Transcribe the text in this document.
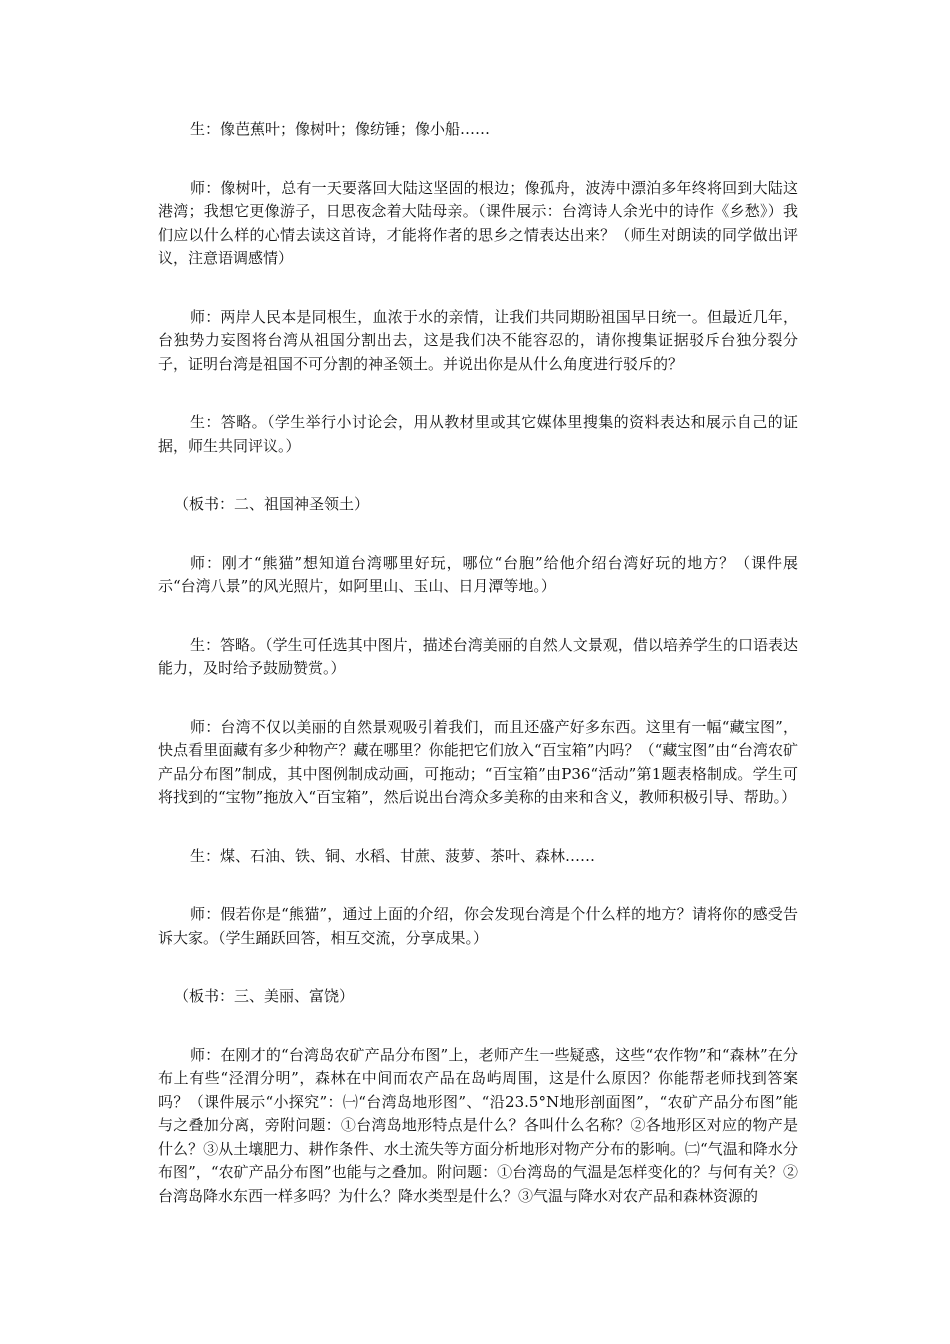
生：像芭蕉叶；像树叶；像纺锤；像小船……

师：像树叶，总有一天要落回大陆这坚固的根边；像孤舟，波涛中漂泊多年终将回到大陆这港湾；我想它更像游子，日思夜念着大陆母亲。（课件展示：台湾诗人余光中的诗作《乡愁》）我们应以什么样的心情去读这首诗，才能将作者的思乡之情表达出来？（师生对朗读的同学做出评议，注意语调感情）

师：两岸人民本是同根生，血浓于水的亲情，让我们共同期盼祖国早日统一。但最近几年，台独势力妄图将台湾从祖国分割出去，这是我们决不能容忍的，请你搜集证据驳斥台独分裂分子，证明台湾是祖国不可分割的神圣领土。并说出你是从什么角度进行驳斥的？

生：答略。（学生举行小讨论会，用从教材里或其它媒体里搜集的资料表达和展示自己的证据，师生共同评议。）

（板书：二、祖国神圣领土）

师：刚才“熊猫”想知道台湾哪里好玩，哪位“台胞”给他介绍台湾好玩的地方？（课件展示“台湾八景”的风光照片，如阿里山、玉山、日月潭等地。）

生：答略。（学生可任选其中图片，描述台湾美丽的自然人文景观，借以培养学生的口语表达能力，及时给予鼓励赞赏。）

师：台湾不仅以美丽的自然景观吸引着我们，而且还盛产好多东西。这里有一幅“藏宝图”，快点看里面藏有多少种物产？藏在哪里？你能把它们放入“百宝箱”内吗？（“藏宝图”由“台湾农矿产品分布图”制成，其中图例制成动画，可拖动；“百宝箱”由P36“活动”第1题表格制成。学生可将找到的“宝物”拖放入“百宝箱”，然后说出台湾众多美称的由来和含义，教师积极引导、帮助。）

生：煤、石油、铁、铜、水稻、甘蔗、菠萝、茶叶、森林……

师：假若你是“熊猫”，通过上面的介绍，你会发现台湾是个什么样的地方？请将你的感受告诉大家。（学生踊跃回答，相互交流，分享成果。）

（板书：三、美丽、富饶）

师：在刚才的“台湾岛农矿产品分布图”上，老师产生一些疑惑，这些“农作物”和“森林”在分布上有些“泾渭分明”，森林在中间而农产品在岛屿周围，这是什么原因？你能帮老师找到答案吗？（课件展示“小探究”：㈠“台湾岛地形图”、“沿23.5°N地形剖面图”，“农矿产品分布图”能与之叠加分离，旁附问题：①台湾岛地形特点是什么？各叫什么名称？②各地形区对应的物产是什么？③从土壤肥力、耕作条件、水土流失等方面分析地形对物产分布的影响。㈡“气温和降水分布图”，“农矿产品分布图”也能与之叠加。附问题：①台湾岛的气温是怎样变化的？与何有关？②台湾岛降水东西一样多吗？为什么？降水类型是什么？③气温与降水对农产品和森林资源的
